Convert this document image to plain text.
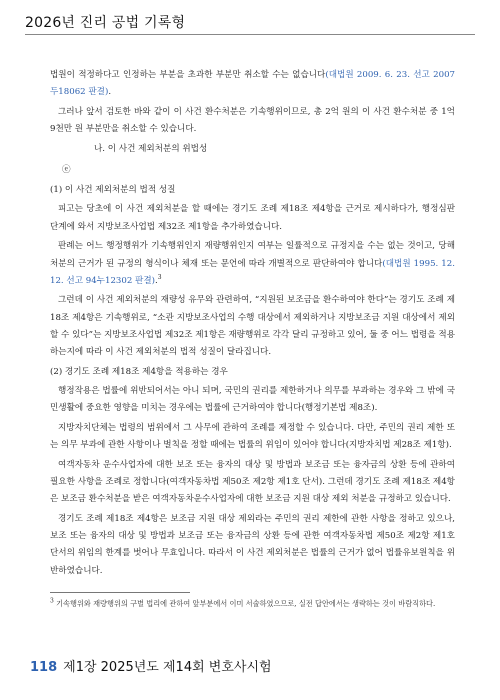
2026년 진리 공법 기록형

법원이 적정하다고 인정하는 부분을 초과한 부분만 취소할 수는 없습니다(대법원 2009. 6. 23. 선고 2007두18062 판결).

그러나 앞서 검토한 바와 같이 이 사건 환수처분은 기속행위이므로, 총 2억 원의 이 사건 환수처분 중 1억 9천만 원 부분만을 취소할 수 있습니다.

나. 이 사건 제외처분의 위법성

ⓔ

(1) 이 사건 제외처분의 법적 성질

피고는 당초에 이 사건 제외처분을 할 때에는 경기도 조례 제18조 제4항을 근거로 제시하다가, 행정심판 단계에 와서 지방보조사업법 제32조 제1항을 추가하였습니다.

판례는 어느 행정행위가 기속행위인지 재량행위인지 여부는 일률적으로 규정지을 수는 없는 것이고, 당해 처분의 근거가 된 규정의 형식이나 체재 또는 문언에 따라 개별적으로 판단하여야 합니다(대법원 1995. 12. 12. 선고 94누12302 판결).$^3$

그런데 이 사건 제외처분의 재량성 유무와 관련하여, “지원된 보조금을 환수하여야 한다”는 경기도 조례 제18조 제4항은 기속행위로, “소관 지방보조사업의 수행 대상에서 제외하거나 지방보조금 지원 대상에서 제외할 수 있다”는 지방보조사업법 제32조 제1항은 재량행위로 각각 달리 규정하고 있어, 둘 중 어느 법령을 적용하는지에 따라 이 사건 제외처분의 법적 성질이 달라집니다.

(2) 경기도 조례 제18조 제4항을 적용하는 경우

행정작용은 법률에 위반되어서는 아니 되며, 국민의 권리를 제한하거나 의무를 부과하는 경우와 그 밖에 국민생활에 중요한 영향을 미치는 경우에는 법률에 근거하여야 합니다(행정기본법 제8조).

지방자치단체는 법령의 범위에서 그 사무에 관하여 조례를 제정할 수 있습니다. 다만, 주민의 권리 제한 또는 의무 부과에 관한 사항이나 벌칙을 정할 때에는 법률의 위임이 있어야 합니다(지방자치법 제28조 제1항).

여객자동차 운수사업자에 대한 보조 또는 융자의 대상 및 방법과 보조금 또는 융자금의 상환 등에 관하여 필요한 사항을 조례로 정합니다(여객자동차법 제50조 제2항 제1호 단서). 그런데 경기도 조례 제18조 제4항은 보조금 환수처분을 받은 여객자동차운수사업자에 대한 보조금 지원 대상 제외 처분을 규정하고 있습니다.

경기도 조례 제18조 제4항은 보조금 지원 대상 제외라는 주민의 권리 제한에 관한 사항을 정하고 있으나, 보조 또는 융자의 대상 및 방법과 보조금 또는 융자금의 상환 등에 관한 여객자동차법 제50조 제2항 제1호 단서의 위임의 한계를 벗어나 무효입니다. 따라서 이 사건 제외처분은 법률의 근거가 없어 법률유보원칙을 위반하였습니다.

$^3$ 기속행위와 재량행위의 구별 법리에 관하여 앞부분에서 이미 서술하였으므로, 실전 답안에서는 생략하는 것이 바람직하다.
118 제1장 2025년도 제14회 변호사시험
